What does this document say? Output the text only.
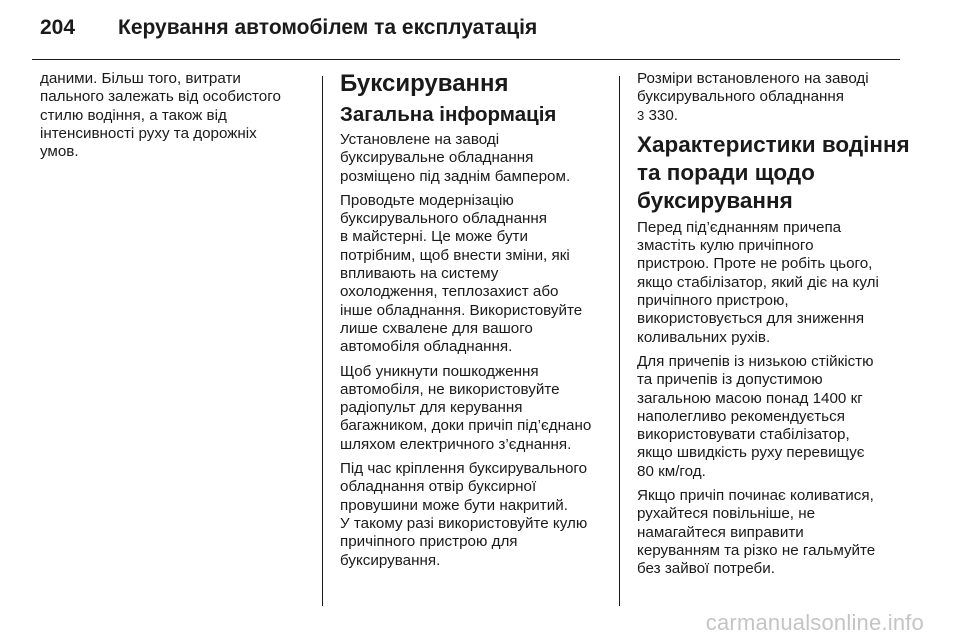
204	Керування автомобілем та експлуатація

даними. Більш того, витрати
пального залежать від особистого
стилю водіння, а також від
інтенсивності руху та дорожніх
умов.

Буксирування
Загальна інформація

Установлене на заводі
буксирувальне обладнання
розміщено під заднім бампером.

Проводьте модернізацію
буксирувального обладнання
в майстерні. Це може бути
потрібним, щоб внести зміни, які
впливають на систему
охолодження, теплозахист або
інше обладнання. Використовуйте
лише схвалене для вашого
автомобіля обладнання.

Щоб уникнути пошкодження
автомобіля, не використовуйте
радіопульт для керування
багажником, доки причіп під’єднано
шляхом електричного з’єднання.

Під час кріплення буксирувального
обладнання отвір буксирної
провушини може бути накритий.
У такому разі використовуйте кулю
причіпного пристрою для
буксирування.

Розміри встановленого на заводі
буксирувального обладнання
3 330.

Характеристики водіння
та поради щодо
буксирування

Перед під’єднанням причепа
змастіть кулю причіпного
пристрою. Проте не робіть цього,
якщо стабілізатор, який діє на кулі
причіпного пристрою,
використовується для зниження
коливальних рухів.

Для причепів із низькою стійкістю
та причепів із допустимою
загальною масою понад 1400 кг
наполегливо рекомендується
використовувати стабілізатор,
якщо швидкість руху перевищує
80 км/год.

Якщо причіп починає коливатися,
рухайтеся повільніше, не
намагайтеся виправити
керуванням та різко не гальмуйте
без зайвої потреби.

carmanualsonline.info
